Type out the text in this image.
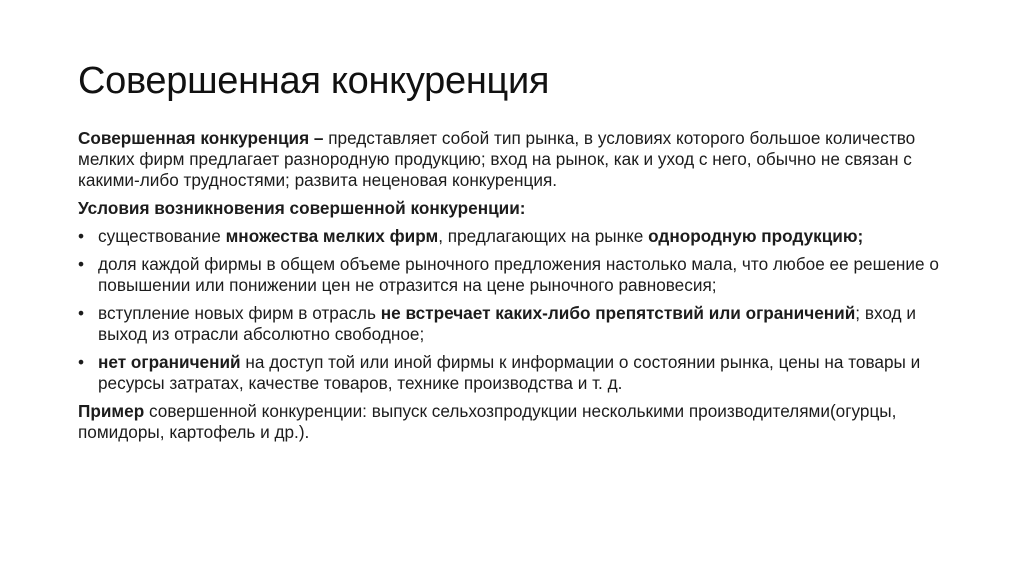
Совершенная конкуренция

Совершенная конкуренция – представляет собой тип рынка, в условиях которого большое количество мелких фирм предлагает разнородную продукцию; вход на рынок, как и уход с него, обычно не связан с какими-либо трудностями; развита неценовая конкуренция.

Условия возникновения совершенной конкуренции:

• существование множества мелких фирм, предлагающих на рынке однородную продукцию;
• доля каждой фирмы в общем объеме рыночного предложения настолько мала, что любое ее решение о повышении или понижении цен не отразится на цене рыночного равновесия;
• вступление новых фирм в отрасль не встречает каких-либо препятствий или ограничений; вход и выход из отрасли абсолютно свободное;
• нет ограничений на доступ той или иной фирмы к информации о состоянии рынка, цены на товары и ресурсы затратах, качестве товаров, технике производства и т. д.

Пример совершенной конкуренции: выпуск сельхозпродукции несколькими производителями(огурцы, помидоры, картофель и др.).
